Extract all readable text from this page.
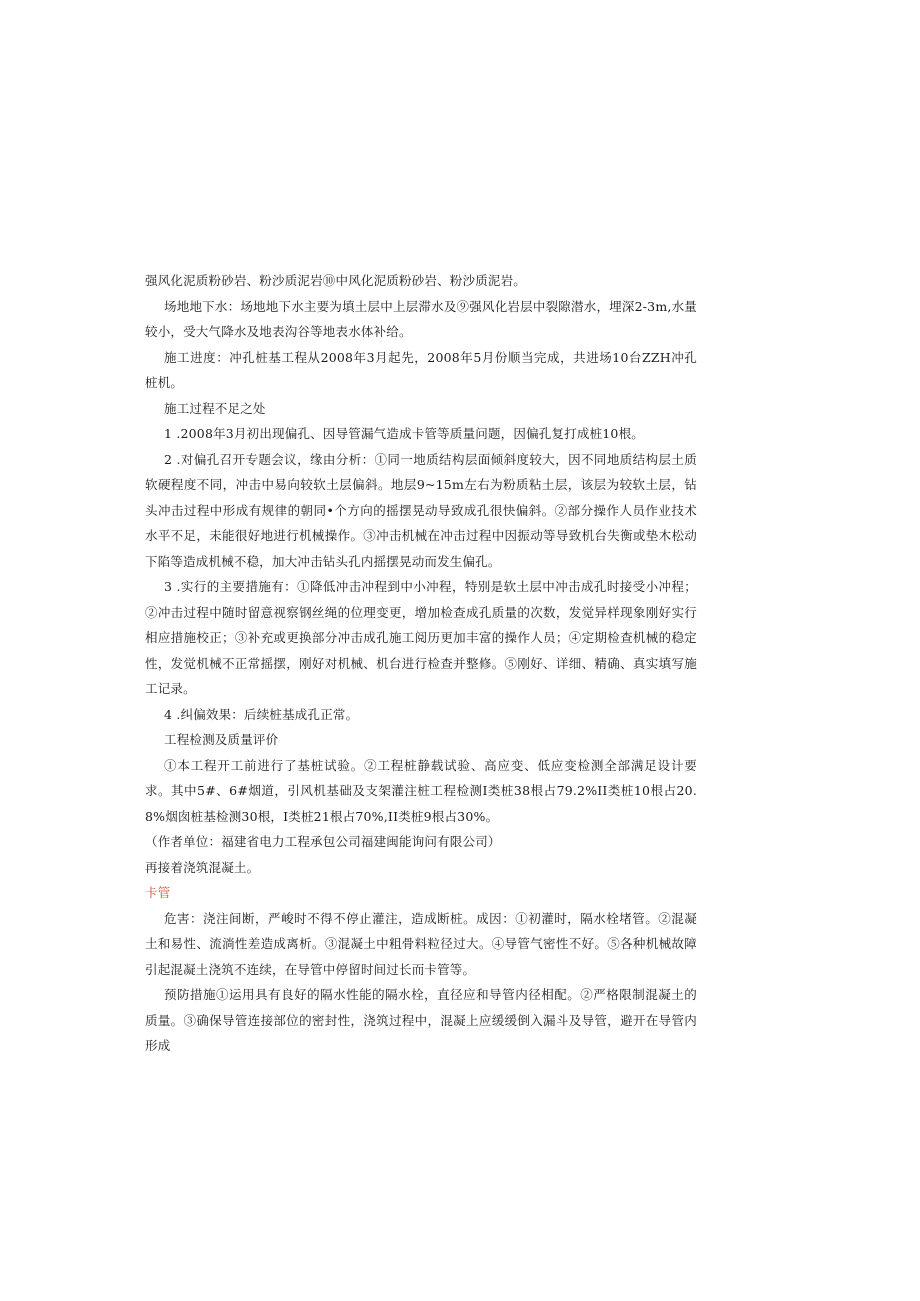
强风化泥质粉砂岩、粉沙质泥岩⑩中风化泥质粉砂岩、粉沙质泥岩。

场地地下水：场地地下水主要为填土层中上层滞水及⑨强风化岩层中裂隙潜水，埋深2-3m,水量较小，受大气降水及地表沟谷等地表水体补给。

施工进度：冲孔桩基工程从2008年3月起先，2008年5月份顺当完成，共进场10台ZZH冲孔桩机。

施工过程不足之处

1 .2008年3月初出现偏孔、因导管漏气造成卡管等质量问题，因偏孔复打成桩10根。

2 .对偏孔召开专题会议，缘由分析：①同一地质结构层面倾斜度较大，因不同地质结构层土质软硬程度不同，冲击中易向较软土层偏斜。地层9~15m左右为粉质粘土层，该层为较软土层，钻头冲击过程中形成有规律的朝同•个方向的摇摆晃动导致成孔很快偏斜。②部分操作人员作业技术水平不足，未能很好地进行机械操作。③冲击机械在冲击过程中因振动等导致机台失衡或垫木松动下陷等造成机械不稳，加大冲击钻头孔内摇摆晃动而发生偏孔。

3 .实行的主要措施有：①降低冲击冲程到中小冲程，特别是软土层中冲击成孔时接受小冲程；②冲击过程中随时留意视察钢丝绳的位理变更，增加检查成孔质量的次数，发觉异样现象刚好实行相应措施校正；③补充或更换部分冲击成孔施工阅历更加丰富的操作人员；④定期检查机械的稳定性，发觉机械不正常摇摆，刚好对机械、机台进行检查并整修。⑤刚好、详细、精确、真实填写施工记录。

4 .纠偏效果：后续桩基成孔正常。

工程检测及质量评价

①本工程开工前进行了基桩试验。②工程桩静载试验、高应变、低应变检测全部满足设计要求。其中5#、6#烟道，引风机基础及支架灌注桩工程检测I类桩38根占79.2%II类桩10根占20.8%烟囱桩基检测30根，I类桩21根占70%,II类桩9根占30%。

（作者单位：福建省电力工程承包公司福建闽能询问有限公司）

再接着浇筑混凝土。

卡管

危害：浇注间断，严峻时不得不停止灌注，造成断桩。成因：①初灌时，隔水栓堵管。②混凝土和易性、流淌性差造成离析。③混凝土中粗骨料粒径过大。④导管气密性不好。⑤各种机械故障引起混凝土浇筑不连续，在导管中停留时间过长而卡管等。

预防措施①运用具有良好的隔水性能的隔水栓，直径应和导管内径相配。②严格限制混凝土的质量。③确保导管连接部位的密封性，浇筑过程中，混凝上应缓缓倒入漏斗及导管，避开在导管内形成
